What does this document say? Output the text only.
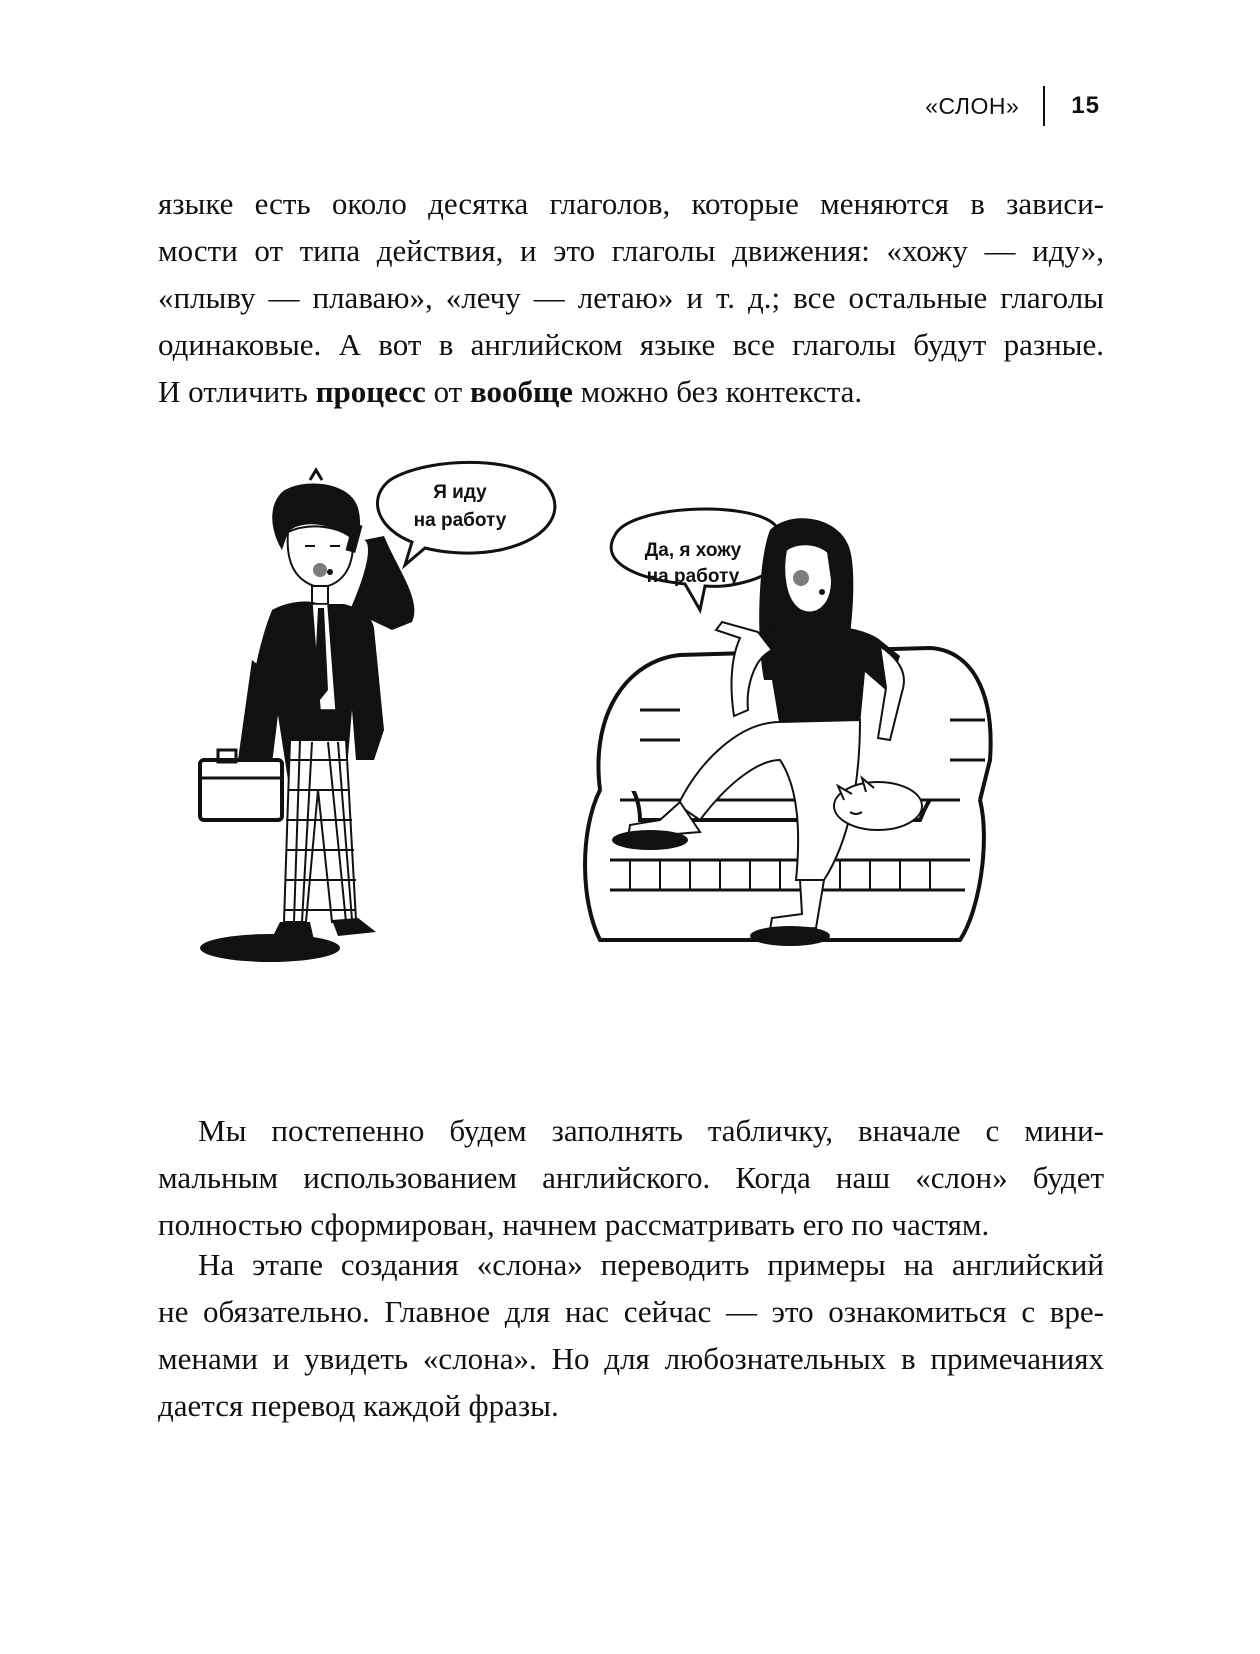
«СЛОН» 15
языке есть около десятка глаголов, которые меняются в зависи-
мости от типа действия, и это глаголы движения: «хожу — иду»,
«плыву — плаваю», «лечу — летаю» и т. д.; все остальные глаголы
одинаковые. А вот в английском языке все глаголы будут разные.
И отличить процесс от вообще можно без контекста.
Я иду
на работу
Да, я хожу
на работу
Мы постепенно будем заполнять табличку, вначале с мини-
мальным использованием английского. Когда наш «слон» будет
полностью сформирован, начнем рассматривать его по частям.
На этапе создания «слона» переводить примеры на английский
не обязательно. Главное для нас сейчас — это ознакомиться с вре-
менами и увидеть «слона». Но для любознательных в примечаниях
дается перевод каждой фразы.
